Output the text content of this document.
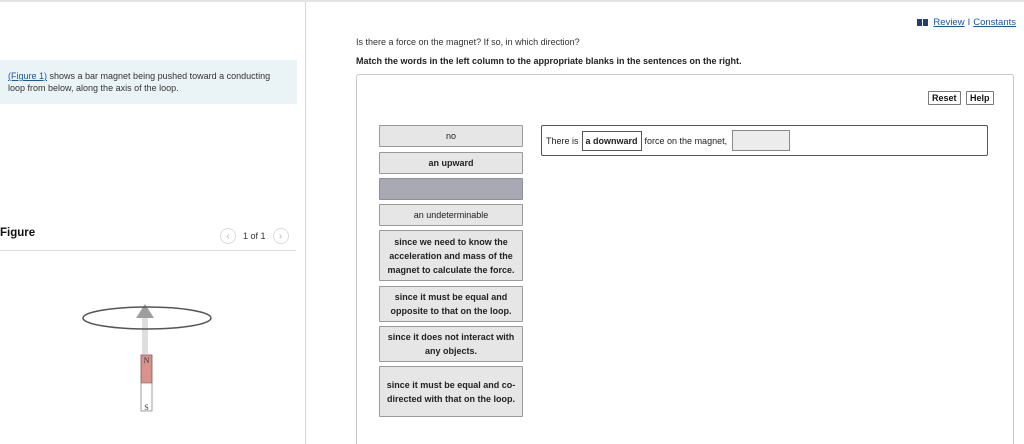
(Figure 1) shows a bar magnet being pushed toward a conducting loop from below, along the axis of the loop.
Figure	‹ 1 of 1 ›
N
S
Review I Constants
Is there a force on the magnet? If so, in which direction?
Match the words in the left column to the appropriate blanks in the sentences on the right.
Reset	Help
no
an upward
an undeterminable
since we need to know the acceleration and mass of the magnet to calculate the force.
since it must be equal and opposite to that on the loop.
since it does not interact with any objects.
since it must be equal and co-directed with that on the loop.
There is a downward force on the magnet,
